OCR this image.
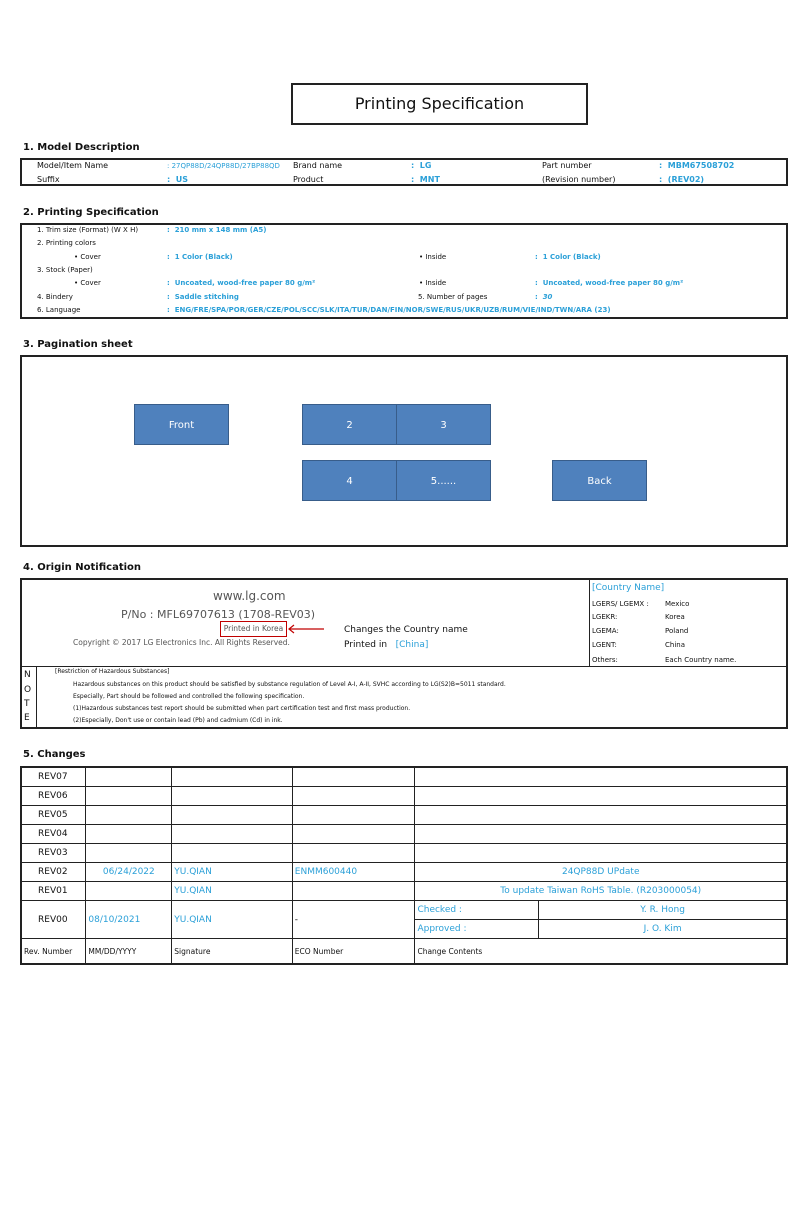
Printing Specification
1. Model Description
Model/Item Name	: 27QP88D/24QP88D/27BP88QD Brand name	:  LG	Part number	:  MBM67508702
Suffix	:  US	Product	:  MNT	(Revision number)	:  (REV02)
2. Printing Specification
1. Trim size (Format) (W X H)	:  210 mm x 148 mm (A5)
2. Printing colors
• Cover	:  1 Color (Black)	• Inside	:  1 Color (Black)
3. Stock (Paper)
• Cover	:  Uncoated, wood-free paper 80 g/m²	• Inside	:  Uncoated, wood-free paper 80 g/m²
4. Bindery	:  Saddle stitching	5. Number of pages	:  30
6. Language	:  ENG/FRE/SPA/POR/GER/CZE/POL/SCC/SLK/ITA/TUR/DAN/FIN/NOR/SWE/RUS/UKR/UZB/RUM/VIE/IND/TWN/ARA (23)
3. Pagination sheet
Front	2	3
4	5......	Back
4. Origin Notification
www.lg.com
P/No : MFL69707613 (1708-REV03)
Printed in Korea
Copyright © 2017 LG Electronics Inc. All Rights Reserved.
Changes the Country name
Printed in [China]
[Country Name]
LGERS/ LGEMX : Mexico
LGEKR:	Korea
LGEMA:	Poland
LGENT:	China
Others:	Each Country name.
N
O
T
E
[Restriction of Hazardous Substances]
Hazardous substances on this product should be satisfied by substance regulation of Level A-I, A-II, SVHC according to LG(S2)B=5011 standard.
Especially, Part should be followed and controlled the following specification.
(1)Hazardous substances test report should be submitted when part certification test and first mass production.
(2)Especially, Don't use or contain lead (Pb) and cadmium (Cd) in ink.
5. Changes
REV07					
REV06					
REV05					
REV04					
REV03					
REV02	06/24/2022	YU.QIAN	ENMM600440	24QP88D UPdate	
REV01		YU.QIAN		To update Taiwan RoHS Table. (R203000054)	
REV00	08/10/2021	YU.QIAN	-	Checked :	Y. R. Hong
				Approved :	J. O. Kim
Rev. Number	MM/DD/YYYY	Signature	ECO Number	Change Contents	
